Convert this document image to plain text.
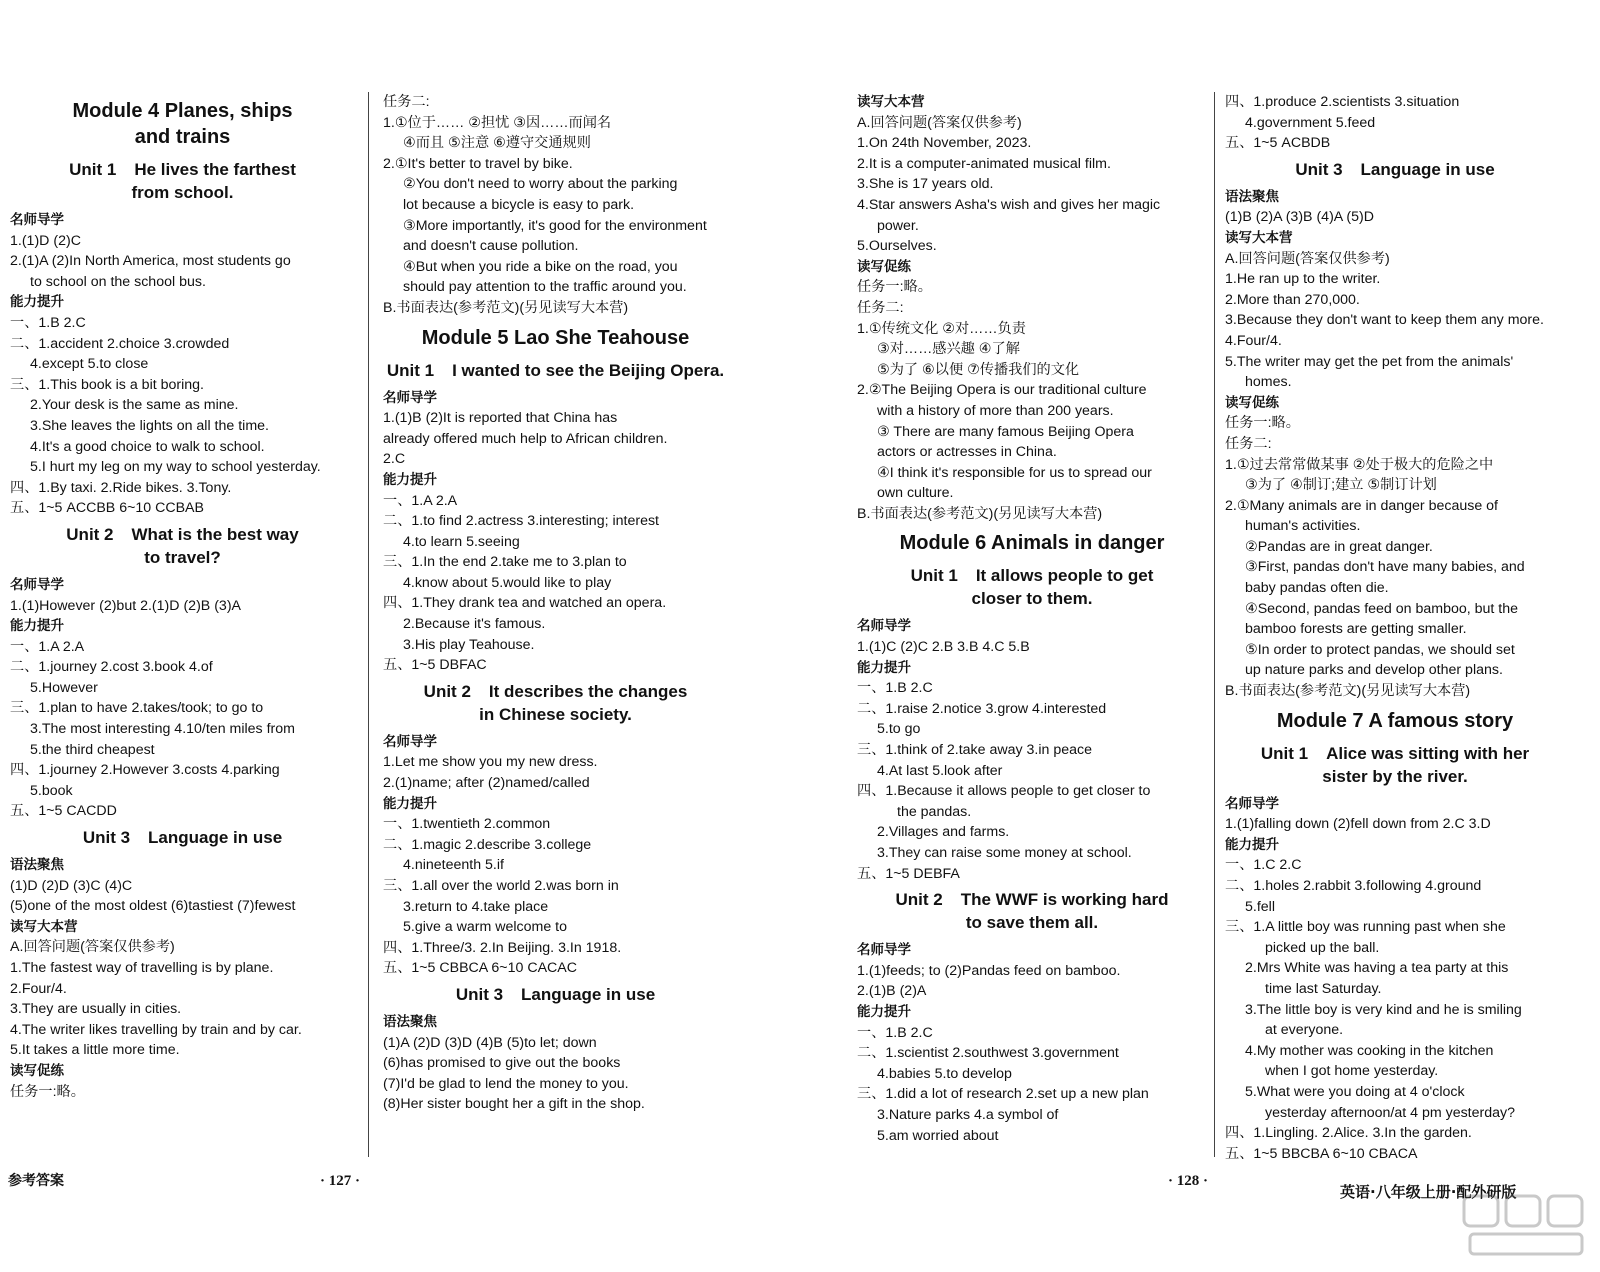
Module 4 Planes, ships
and trains
Unit 1 He lives the farthest
from school.

名师导学

1.(1)D (2)C

2.(1)A (2)In North America, most students go

to school on the school bus.

能力提升

一、1.B 2.C

二、1.accident 2.choice 3.crowded

4.except 5.to close

三、1.This book is a bit boring.

2.Your desk is the same as mine.

3.She leaves the lights on all the time.

4.It's a good choice to walk to school.

5.I hurt my leg on my way to school yesterday.

四、1.By taxi. 2.Ride bikes. 3.Tony.

五、1~5 ACCBB 6~10 CCBAB

Unit 2 What is the best way
to travel?

名师导学

1.(1)However (2)but 2.(1)D (2)B (3)A

能力提升

一、1.A 2.A

二、1.journey 2.cost 3.book 4.of

5.However

三、1.plan to have 2.takes/took; to go to

3.The most interesting 4.10/ten miles from

5.the third cheapest

四、1.journey 2.However 3.costs 4.parking

5.book

五、1~5 CACDD

Unit 3 Language in use

语法聚焦

(1)D (2)D (3)C (4)C

(5)one of the most oldest (6)tastiest (7)fewest

读写大本营

A.回答问题(答案仅供参考)

1.The fastest way of travelling is by plane.

2.Four/4.

3.They are usually in cities.

4.The writer likes travelling by train and by car.

5.It takes a little more time.

读写促练

任务一:略。

任务二:

1.①位于…… ②担忧 ③因……而闻名

④而且 ⑤注意 ⑥遵守交通规则

2.①It's better to travel by bike.

②You don't need to worry about the parking

lot because a bicycle is easy to park.

③More importantly, it's good for the environment

and doesn't cause pollution.

④But when you ride a bike on the road, you

should pay attention to the traffic around you.

B.书面表达(参考范文)(另见读写大本营)

Module 5 Lao She Teahouse
Unit 1 I wanted to see the Beijing Opera.

名师导学

1.(1)B (2)It is reported that China has

already offered much help to African children.

2.C

能力提升

一、1.A 2.A

二、1.to find 2.actress 3.interesting; interest

4.to learn 5.seeing

三、1.In the end 2.take me to 3.plan to

4.know about 5.would like to play

四、1.They drank tea and watched an opera.

2.Because it's famous.

3.His play Teahouse.

五、1~5 DBFAC

Unit 2 It describes the changes
in Chinese society.

名师导学

1.Let me show you my new dress.

2.(1)name; after (2)named/called

能力提升

一、1.twentieth 2.common

二、1.magic 2.describe 3.college

4.nineteenth 5.if

三、1.all over the world 2.was born in

3.return to 4.take place

5.give a warm welcome to

四、1.Three/3. 2.In Beijing. 3.In 1918.

五、1~5 CBBCA 6~10 CACAC

Unit 3 Language in use

语法聚焦

(1)A (2)D (3)D (4)B (5)to let; down

(6)has promised to give out the books

(7)I'd be glad to lend the money to you.

(8)Her sister bought her a gift in the shop.

读写大本营

A.回答问题(答案仅供参考)

1.On 24th November, 2023.

2.It is a computer-animated musical film.

3.She is 17 years old.

4.Star answers Asha's wish and gives her magic

power.

5.Ourselves.

读写促练

任务一:略。

任务二:

1.①传统文化 ②对……负责

③对……感兴趣 ④了解

⑤为了 ⑥以便 ⑦传播我们的文化

2.②The Beijing Opera is our traditional culture

with a history of more than 200 years.

③ There are many famous Beijing Opera

actors or actresses in China.

④I think it's responsible for us to spread our

own culture.

B.书面表达(参考范文)(另见读写大本营)

Module 6 Animals in danger
Unit 1 It allows people to get
closer to them.

名师导学

1.(1)C (2)C 2.B 3.B 4.C 5.B

能力提升

一、1.B 2.C

二、1.raise 2.notice 3.grow 4.interested

5.to go

三、1.think of 2.take away 3.in peace

4.At last 5.look after

四、1.Because it allows people to get closer to

the pandas.

2.Villages and farms.

3.They can raise some money at school.

五、1~5 DEBFA

Unit 2 The WWF is working hard
to save them all.

名师导学

1.(1)feeds; to (2)Pandas feed on bamboo.

2.(1)B (2)A

能力提升

一、1.B 2.C

二、1.scientist 2.southwest 3.government

4.babies 5.to develop

三、1.did a lot of research 2.set up a new plan

3.Nature parks 4.a symbol of

5.am worried about

四、1.produce 2.scientists 3.situation

4.government 5.feed

五、1~5 ACBDB

Unit 3 Language in use

语法聚焦

(1)B (2)A (3)B (4)A (5)D

读写大本营

A.回答问题(答案仅供参考)

1.He ran up to the writer.

2.More than 270,000.

3.Because they don't want to keep them any more.

4.Four/4.

5.The writer may get the pet from the animals'

homes.

读写促练

任务一:略。

任务二:

1.①过去常常做某事 ②处于极大的危险之中

③为了 ④制订;建立 ⑤制订计划

2.①Many animals are in danger because of

human's activities.

②Pandas are in great danger.

③First, pandas don't have many babies, and

baby pandas often die.

④Second, pandas feed on bamboo, but the

bamboo forests are getting smaller.

⑤In order to protect pandas, we should set

up nature parks and develop other plans.

B.书面表达(参考范文)(另见读写大本营)

Module 7 A famous story
Unit 1 Alice was sitting with her
sister by the river.

名师导学

1.(1)falling down (2)fell down from 2.C 3.D

能力提升

一、1.C 2.C

二、1.holes 2.rabbit 3.following 4.ground

5.fell

三、1.A little boy was running past when she

picked up the ball.

2.Mrs White was having a tea party at this

time last Saturday.

3.The little boy is very kind and he is smiling

at everyone.

4.My mother was cooking in the kitchen

when I got home yesterday.

5.What were you doing at 4 o'clock

yesterday afternoon/at 4 pm yesterday?

四、1.Lingling. 2.Alice. 3.In the garden.

五、1~5 BBCBA 6~10 CBACA

参考答案	· 127 ·	· 128 ·
英语·八年级上册·配外研版
